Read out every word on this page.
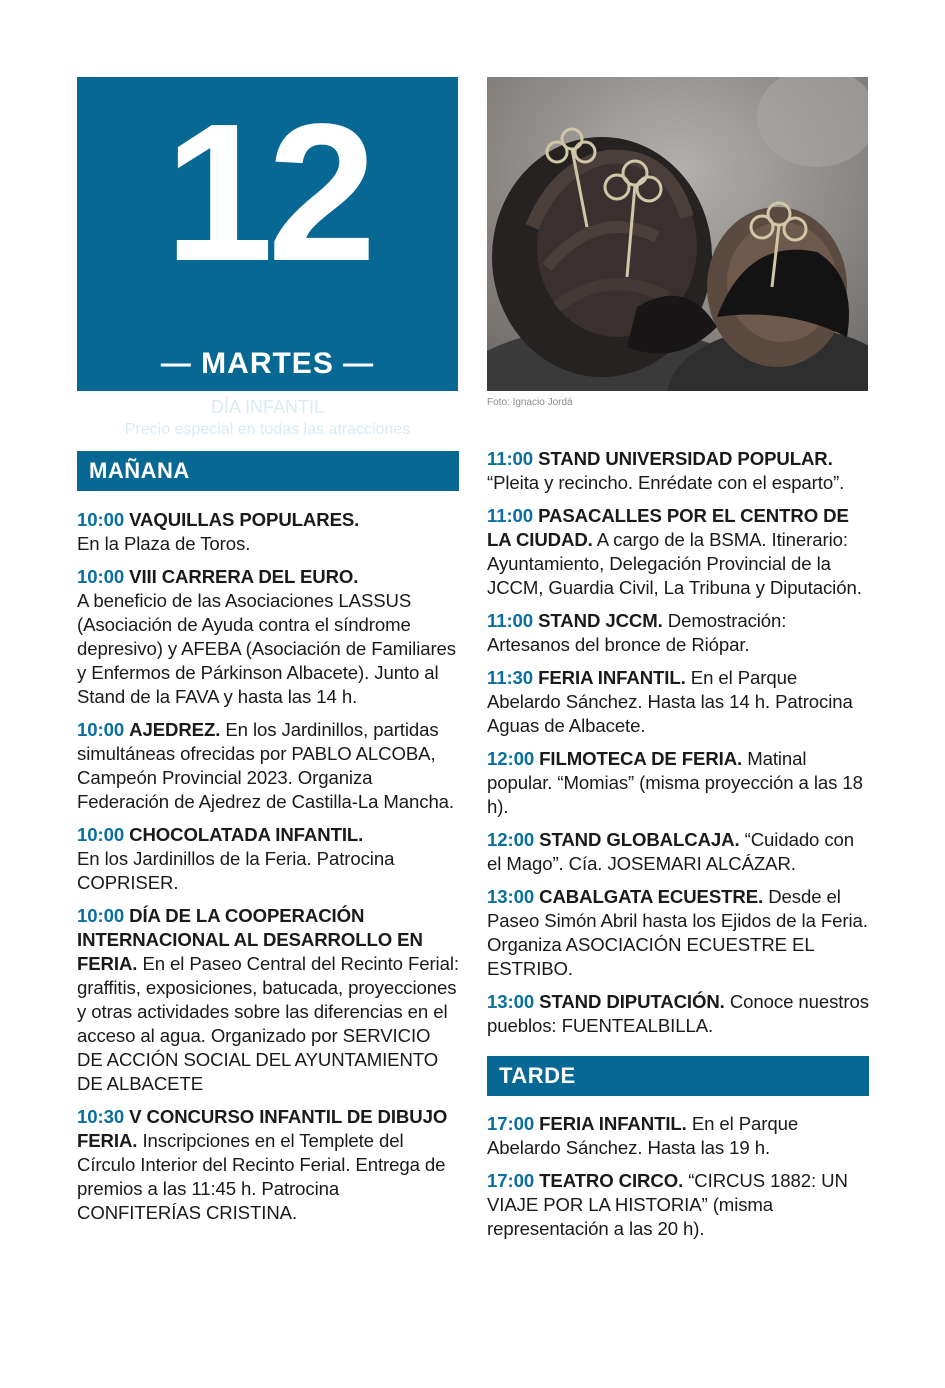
12
— MARTES —
DÍA INFANTIL
Precio especial en todas las atracciones
Foto: Ignacio Jordá
MAÑANA
10:00 VAQUILLAS POPULARES.
En la Plaza de Toros.
10:00 VIII CARRERA DEL EURO.
A beneficio de las Asociaciones LASSUS (Asociación de Ayuda contra el síndrome depresivo) y AFEBA (Asociación de Familiares y Enfermos de Párkinson Albacete). Junto al Stand de la FAVA y hasta las 14 h.
10:00 AJEDREZ. En los Jardinillos, partidas simultáneas ofrecidas por PABLO ALCOBA, Campeón Provincial 2023. Organiza Federación de Ajedrez de Castilla-La Mancha.
10:00 CHOCOLATADA INFANTIL.
En los Jardinillos de la Feria. Patrocina COPRISER.
10:00 DÍA DE LA COOPERACIÓN INTERNACIONAL AL DESARROLLO EN FERIA. En el Paseo Central del Recinto Ferial: graffitis, exposiciones, batucada, proyecciones y otras actividades sobre las diferencias en el acceso al agua. Organizado por SERVICIO DE ACCIÓN SOCIAL DEL AYUNTAMIENTO DE ALBACETE
10:30 V CONCURSO INFANTIL DE DIBUJO FERIA. Inscripciones en el Templete del Círculo Interior del Recinto Ferial. Entrega de premios a las 11:45 h. Patrocina CONFITERÍAS CRISTINA.
11:00 STAND UNIVERSIDAD POPULAR.
“Pleita y recincho. Enrédate con el esparto”.
11:00 PASACALLES POR EL CENTRO DE LA CIUDAD. A cargo de la BSMA. Itinerario: Ayuntamiento, Delegación Provincial de la JCCM, Guardia Civil, La Tribuna y Diputación.
11:00 STAND JCCM. Demostración: Artesanos del bronce de Riópar.
11:30 FERIA INFANTIL. En el Parque Abelardo Sánchez. Hasta las 14 h. Patrocina Aguas de Albacete.
12:00 FILMOTECA DE FERIA. Matinal popular. “Momias” (misma proyección a las 18 h).
12:00 STAND GLOBALCAJA. “Cuidado con el Mago”. Cía. JOSEMARI ALCÁZAR.
13:00 CABALGATA ECUESTRE. Desde el Paseo Simón Abril hasta los Ejidos de la Feria. Organiza ASOCIACIÓN ECUESTRE EL ESTRIBO.
13:00 STAND DIPUTACIÓN. Conoce nuestros pueblos: FUENTEALBILLA.
TARDE
17:00 FERIA INFANTIL. En el Parque Abelardo Sánchez. Hasta las 19 h.
17:00 TEATRO CIRCO. “CIRCUS 1882: UN VIAJE POR LA HISTORIA” (misma representación a las 20 h).
